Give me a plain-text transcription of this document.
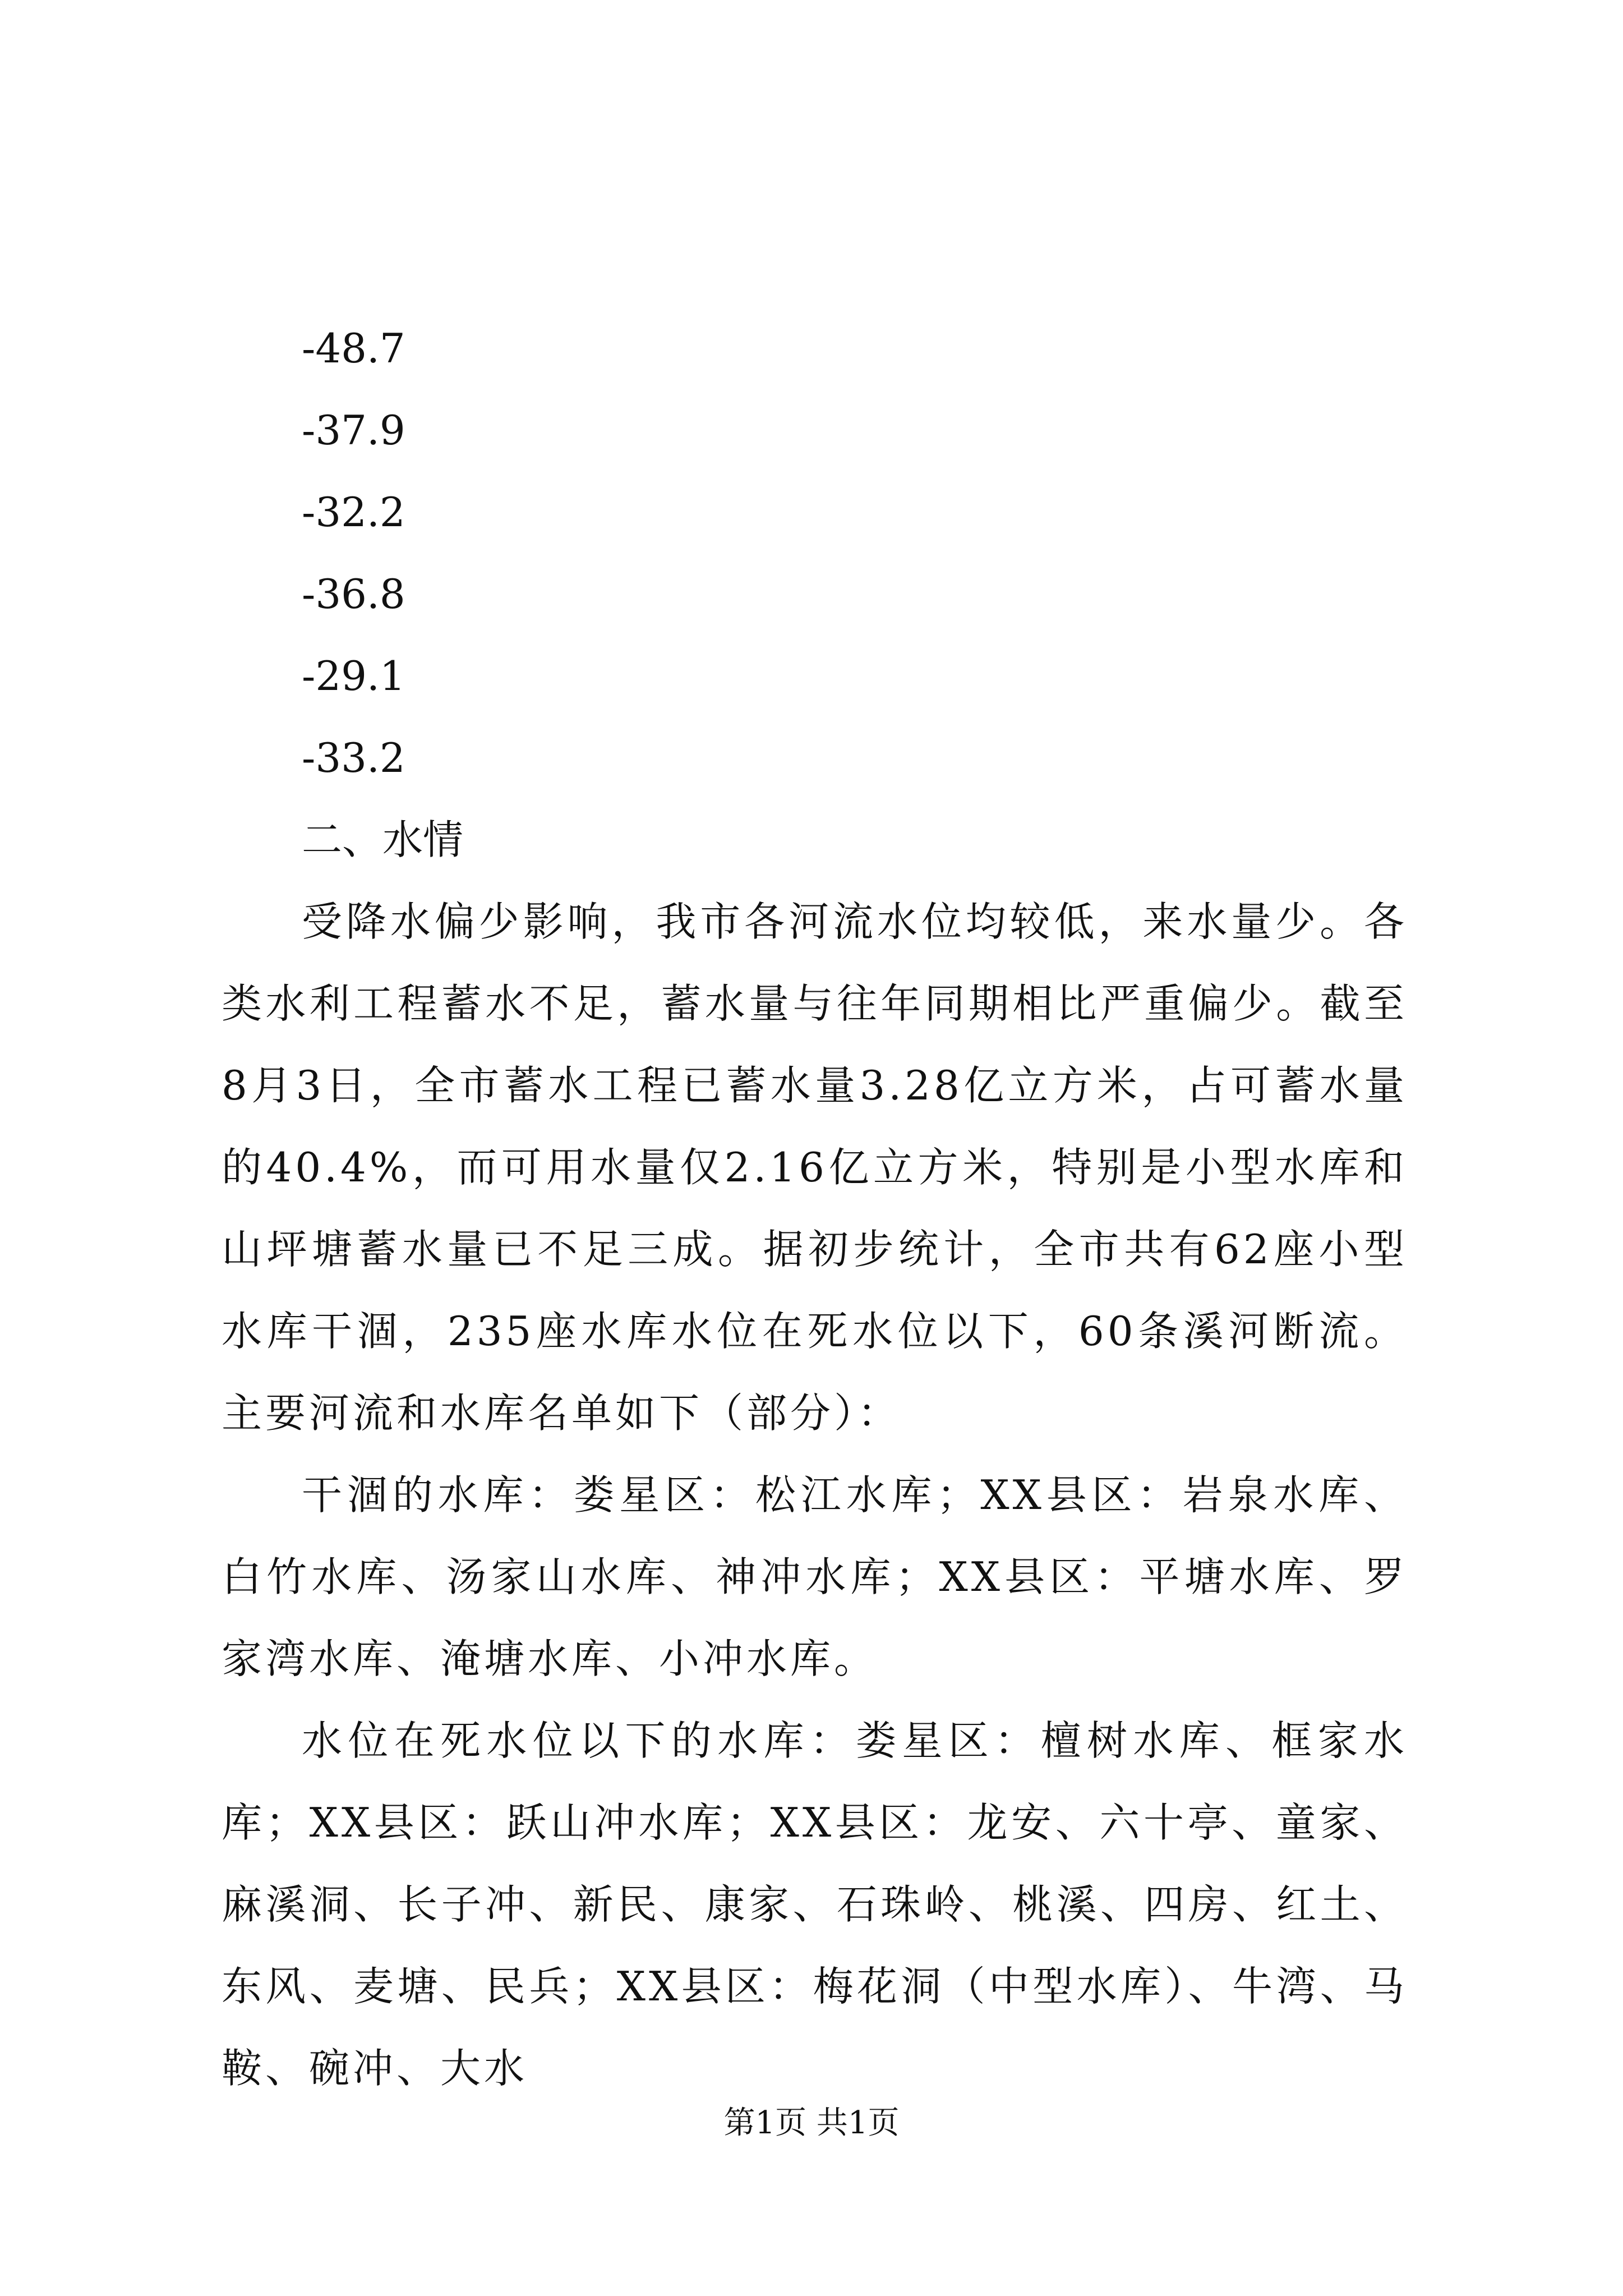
-48.7
-37.9
-32.2
-36.8
-29.1
-33.2
二、水情

受降水偏少影响，我市各河流水位均较低，来水量少。各类水利工程蓄水不足，蓄水量与往年同期相比严重偏少。截至8月3日，全市蓄水工程已蓄水量3.28亿立方米，占可蓄水量的40.4%，而可用水量仅2.16亿立方米，特别是小型水库和山坪塘蓄水量已不足三成。据初步统计，全市共有62座小型水库干涸，235座水库水位在死水位以下，60条溪河断流。主要河流和水库名单如下（部分）：

干涸的水库：娄星区：松江水库；XX县区：岩泉水库、白竹水库、汤家山水库、神冲水库；XX县区：平塘水库、罗家湾水库、淹塘水库、小冲水库。

水位在死水位以下的水库：娄星区：檀树水库、框家水库；XX县区：跃山冲水库；XX县区：龙安、六十亭、童家、麻溪洞、长子冲、新民、康家、石珠岭、桃溪、四房、红土、东风、麦塘、民兵；XX县区：梅花洞（中型水库）、牛湾、马鞍、碗冲、大水

第1页 共1页
